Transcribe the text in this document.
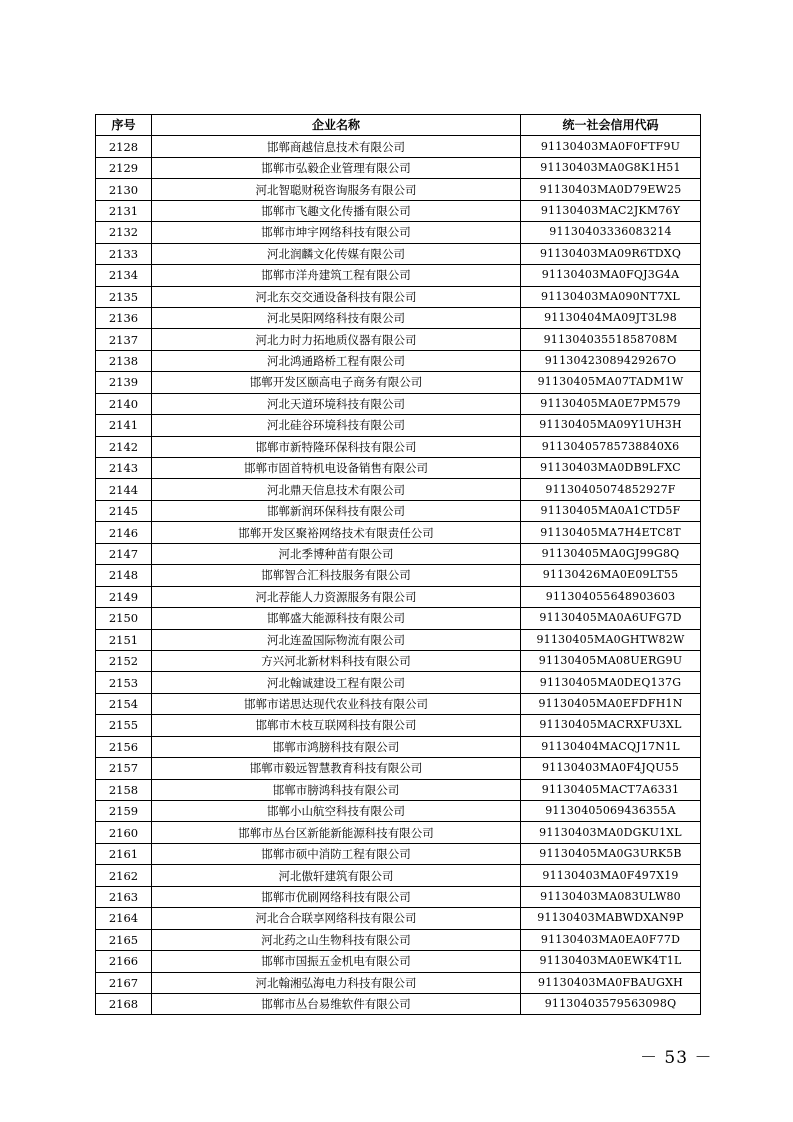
序号	企业名称	统一社会信用代码
2128	邯郸商越信息技术有限公司	91130403MA0F0FTF9U
2129	邯郸市弘毅企业管理有限公司	91130403MA0G8K1H51
2130	河北智聪财税咨询服务有限公司	91130403MA0D79EW25
2131	邯郸市飞趣文化传播有限公司	91130403MAC2JKM76Y
2132	邯郸市坤宇网络科技有限公司	91130403336083214
2133	河北润麟文化传媒有限公司	91130403MA09R6TDXQ
2134	邯郸市洋舟建筑工程有限公司	91130403MA0FQJ3G4A
2135	河北东交交通设备科技有限公司	91130403MA090NT7XL
2136	河北昊阳网络科技有限公司	91130404MA09JT3L98
2137	河北力时力拓地质仪器有限公司	91130403551858708M
2138	河北鸿通路桥工程有限公司	91130423089429267O
2139	邯郸开发区颐高电子商务有限公司	91130405MA07TADM1W
2140	河北天道环境科技有限公司	91130405MA0E7PM579
2141	河北硅谷环境科技有限公司	91130405MA09Y1UH3H
2142	邯郸市新特隆环保科技有限公司	91130405785738840X6
2143	邯郸市固首特机电设备销售有限公司	91130403MA0DB9LFXC
2144	河北鼎天信息技术有限公司	91130405074852927F
2145	邯郸新润环保科技有限公司	91130405MA0A1CTD5F
2146	邯郸开发区聚裕网络技术有限责任公司	91130405MA7H4ETC8T
2147	河北季博种苗有限公司	91130405MA0GJ99G8Q
2148	邯郸智合汇科技服务有限公司	91130426MA0E09LT55
2149	河北荐能人力资源服务有限公司	91130405564890360З
2150	邯郸盛大能源科技有限公司	91130405MA0A6UFG7D
2151	河北连盈国际物流有限公司	91130405MA0GHTW82W
2152	方兴河北新材料科技有限公司	91130405MA08UERG9U
2153	河北翰诚建设工程有限公司	91130405MA0DEQ137G
2154	邯郸市诺思达现代农业科技有限公司	91130405MA0EFDFH1N
2155	邯郸市木枝互联网科技有限公司	91130405MACRXFU3XL
2156	邯郸市鸿膀科技有限公司	91130404MACQJ17N1L
2157	邯郸市毅远智慧教育科技有限公司	91130403MA0F4JQU55
2158	邯郸市膀鸿科技有限公司	91130405MACT7A6331
2159	邯郸小山航空科技有限公司	91130405069436355A
2160	邯郸市丛台区新能新能源科技有限公司	91130403MA0DGKU1XL
2161	邯郸市硕中消防工程有限公司	91130405MA0G3URK5B
2162	河北傲轩建筑有限公司	91130403MA0F497X19
2163	邯郸市优刷网络科技有限公司	91130403MA083ULW80
2164	河北合合联享网络科技有限公司	91130403MABWDXAN9P
2165	河北药之山生物科技有限公司	91130403MA0EA0F77D
2166	邯郸市国振五金机电有限公司	91130403MA0EWK4T1L
2167	河北翰湘弘海电力科技有限公司	91130403MA0FBAUGXH
2168	邯郸市丛台易维软件有限公司	91130403579563098Q
－ 53 －
